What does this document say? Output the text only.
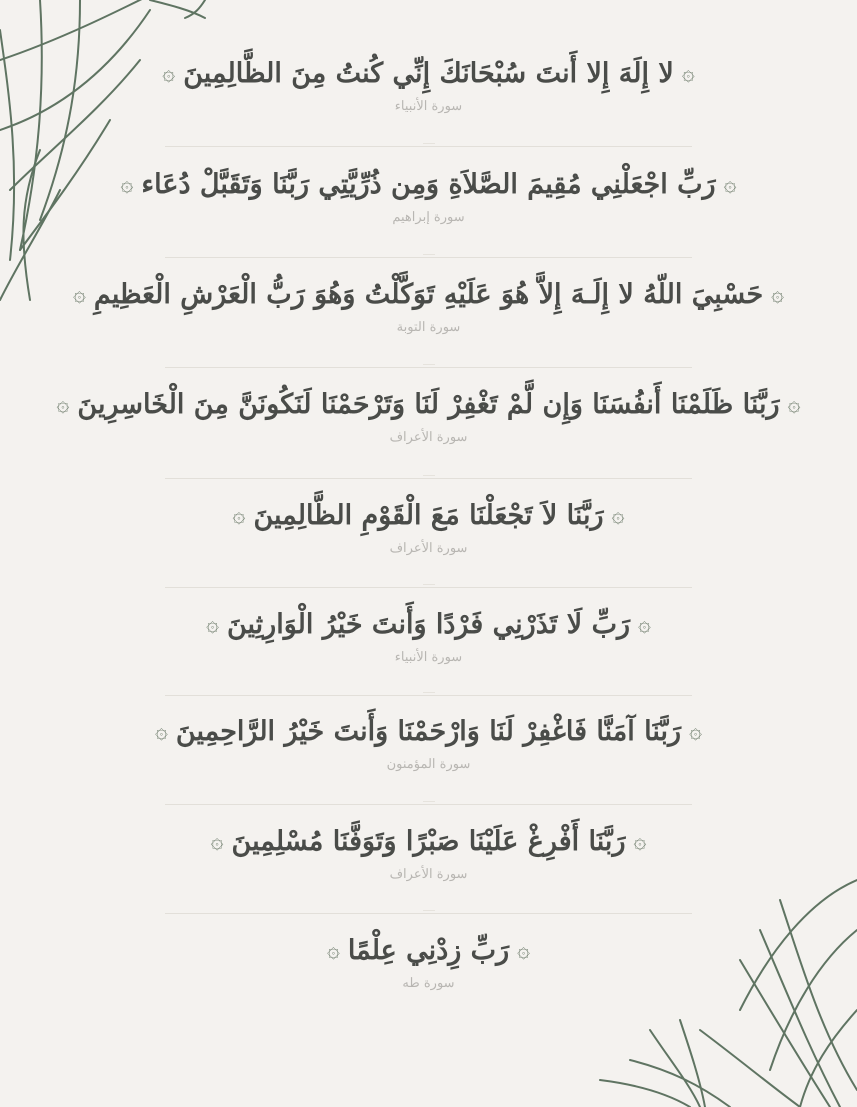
۞
لا إِلَهَ إِلا أَنتَ سُبْحَانَكَ إِنِّي كُنتُ مِنَ الظَّالِمِينَ
۞
سورة الأنبياء
۞
رَبِّ اجْعَلْنِي مُقِيمَ الصَّلاَةِ وَمِن ذُرِّيَّتِي رَبَّنَا وَتَقَبَّلْ دُعَاء
۞
سورة إبراهيم
۞
حَسْبِيَ اللّهُ لا إِلَـهَ إِلاَّ هُوَ عَلَيْهِ تَوَكَّلْتُ وَهُوَ رَبُّ الْعَرْشِ الْعَظِيمِ
۞
سورة التوبة
۞
رَبَّنَا ظَلَمْنَا أَنفُسَنَا وَإِن لَّمْ تَغْفِرْ لَنَا وَتَرْحَمْنَا لَنَكُونَنَّ مِنَ الْخَاسِرِينَ
۞
سورة الأعراف
۞
رَبَّنَا لاَ تَجْعَلْنَا مَعَ الْقَوْمِ الظَّالِمِينَ
۞
سورة الأعراف
۞
رَبِّ لَا تَذَرْنِي فَرْدًا وَأَنتَ خَيْرُ الْوَارِثِينَ
۞
سورة الأنبياء
۞
رَبَّنَا آمَنَّا فَاغْفِرْ لَنَا وَارْحَمْنَا وَأَنتَ خَيْرُ الرَّاحِمِينَ
۞
سورة المؤمنون
۞
رَبَّنَا أَفْرِغْ عَلَيْنَا صَبْرًا وَتَوَفَّنَا مُسْلِمِينَ
۞
سورة الأعراف
۞
رَبِّ زِدْنِي عِلْمًا
۞
سورة طه
